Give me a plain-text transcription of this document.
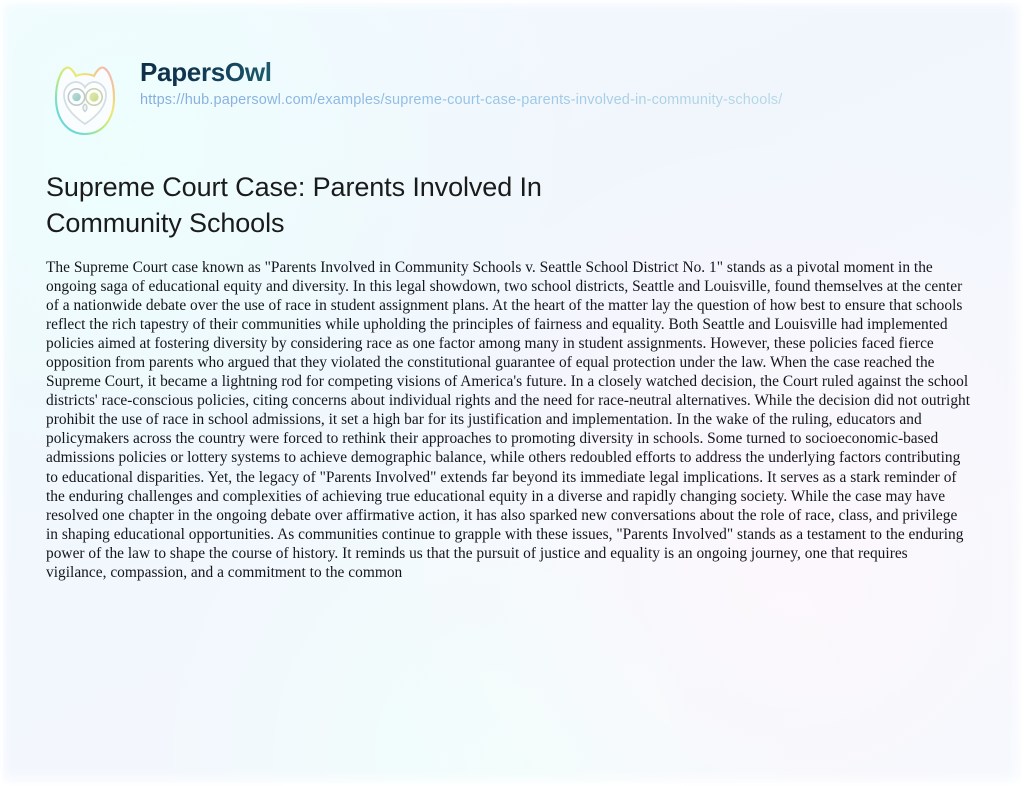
PapersOwl
https://hub.papersowl.com/examples/supreme-court-case-parents-involved-in-community-schools/
Supreme Court Case: Parents Involved In Community Schools

The Supreme Court case known as "Parents Involved in Community Schools v. Seattle School District No. 1" stands as a pivotal moment in the ongoing saga of educational equity and diversity. In this legal showdown, two school districts, Seattle and Louisville, found themselves at the center of a nationwide debate over the use of race in student assignment plans. At the heart of the matter lay the question of how best to ensure that schools reflect the rich tapestry of their communities while upholding the principles of fairness and equality. Both Seattle and Louisville had implemented policies aimed at fostering diversity by considering race as one factor among many in student assignments. However, these policies faced fierce opposition from parents who argued that they violated the constitutional guarantee of equal protection under the law. When the case reached the Supreme Court, it became a lightning rod for competing visions of America's future. In a closely watched decision, the Court ruled against the school districts' race-conscious policies, citing concerns about individual rights and the need for race-neutral alternatives. While the decision did not outright prohibit the use of race in school admissions, it set a high bar for its justification and implementation. In the wake of the ruling, educators and policymakers across the country were forced to rethink their approaches to promoting diversity in schools. Some turned to socioeconomic-based admissions policies or lottery systems to achieve demographic balance, while others redoubled efforts to address the underlying factors contributing to educational disparities. Yet, the legacy of "Parents Involved" extends far beyond its immediate legal implications. It serves as a stark reminder of the enduring challenges and complexities of achieving true educational equity in a diverse and rapidly changing society. While the case may have resolved one chapter in the ongoing debate over affirmative action, it has also sparked new conversations about the role of race, class, and privilege in shaping educational opportunities. As communities continue to grapple with these issues, "Parents Involved" stands as a testament to the enduring power of the law to shape the course of history. It reminds us that the pursuit of justice and equality is an ongoing journey, one that requires vigilance, compassion, and a commitment to the common
